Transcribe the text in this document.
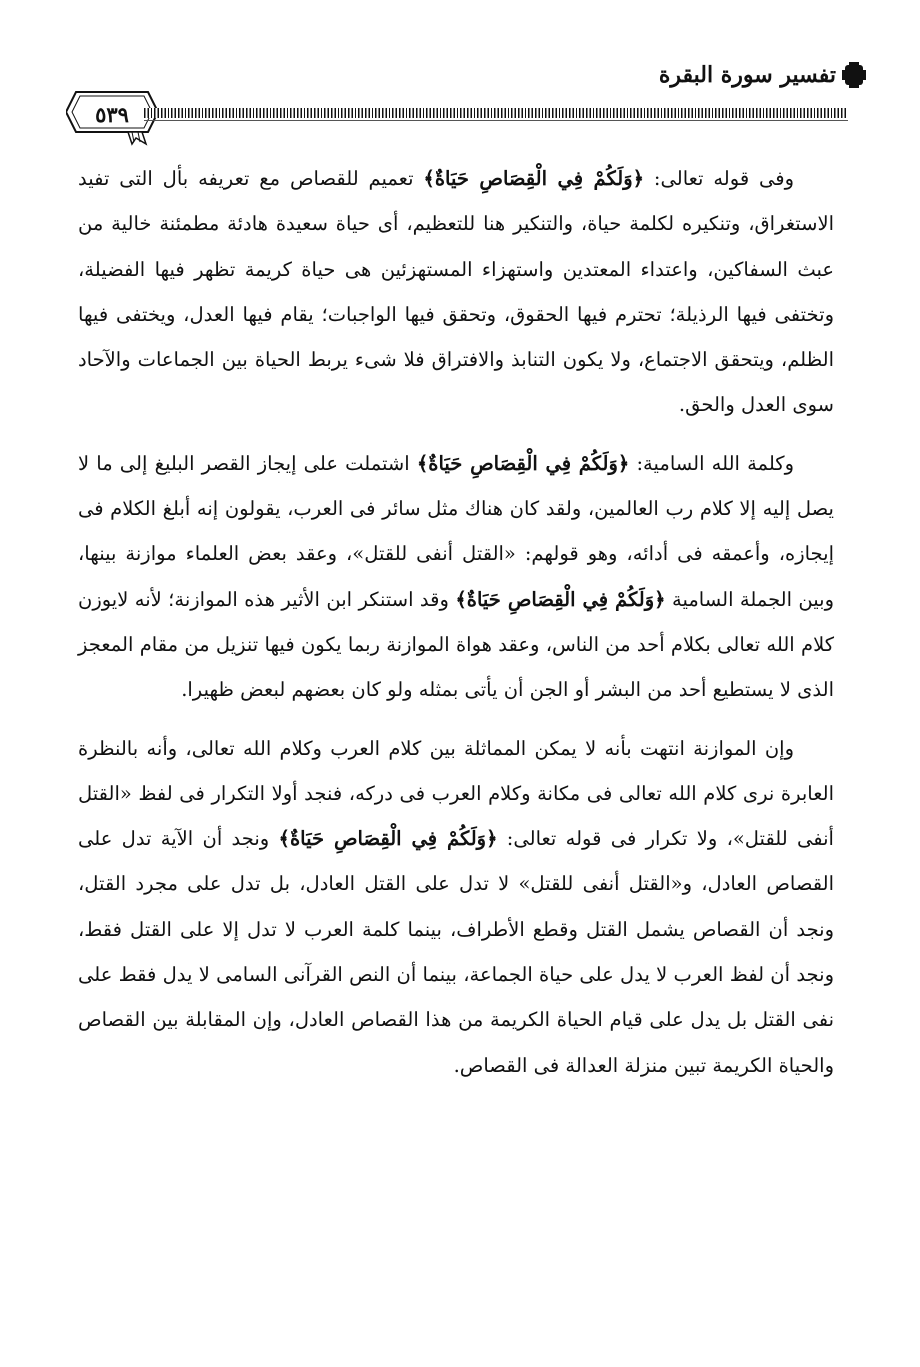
٥٣٩
تفسير سورة البقرة

وفى قوله تعالى: ﴿وَلَكُمْ فِي الْقِصَاصِ حَيَاةٌ﴾ تعميم للقصاص مع تعريفه بأل التى تفيد الاستغراق، وتنكيره لكلمة حياة، والتنكير هنا للتعظيم، أى حياة سعيدة هادئة مطمئنة خالية من عبث السفاكين، واعتداء المعتدين واستهزاء المستهزئين هى حياة كريمة تظهر فيها الفضيلة، وتختفى فيها الرذيلة؛ تحترم فيها الحقوق، وتحقق فيها الواجبات؛ يقام فيها العدل، ويختفى فيها الظلم، ويتحقق الاجتماع، ولا يكون التنابذ والافتراق فلا شىء يربط الحياة بين الجماعات والآحاد سوى العدل والحق.

وكلمة الله السامية: ﴿وَلَكُمْ فِي الْقِصَاصِ حَيَاةٌ﴾ اشتملت على إيجاز القصر البليغ إلى ما لا يصل إليه إلا كلام رب العالمين، ولقد كان هناك مثل سائر فى العرب، يقولون إنه أبلغ الكلام فى إيجازه، وأعمقه فى أدائه، وهو قولهم: «القتل أنفى للقتل»، وعقد بعض العلماء موازنة بينها، وبين الجملة السامية ﴿وَلَكُمْ فِي الْقِصَاصِ حَيَاةٌ﴾ وقد استنكر ابن الأثير هذه الموازنة؛ لأنه لايوزن كلام الله تعالى بكلام أحد من الناس، وعقد هواة الموازنة ربما يكون فيها تنزيل من مقام المعجز الذى لا يستطيع أحد من البشر أو الجن أن يأتى بمثله ولو كان بعضهم لبعض ظهيرا.

وإن الموازنة انتهت بأنه لا يمكن المماثلة بين كلام العرب وكلام الله تعالى، وأنه بالنظرة العابرة نرى كلام الله تعالى فى مكانة وكلام العرب فى دركه، فنجد أولا التكرار فى لفظ «القتل أنفى للقتل»، ولا تكرار فى قوله تعالى: ﴿وَلَكُمْ فِي الْقِصَاصِ حَيَاةٌ﴾ ونجد أن الآية تدل على القصاص العادل، و«القتل أنفى للقتل» لا تدل على القتل العادل، بل تدل على مجرد القتل، ونجد أن القصاص يشمل القتل وقطع الأطراف، بينما كلمة العرب لا تدل إلا على القتل فقط، ونجد أن لفظ العرب لا يدل على حياة الجماعة، بينما أن النص القرآنى السامى لا يدل فقط على نفى القتل بل يدل على قيام الحياة الكريمة من هذا القصاص العادل، وإن المقابلة بين القصاص والحياة الكريمة تبين منزلة العدالة فى القصاص.
